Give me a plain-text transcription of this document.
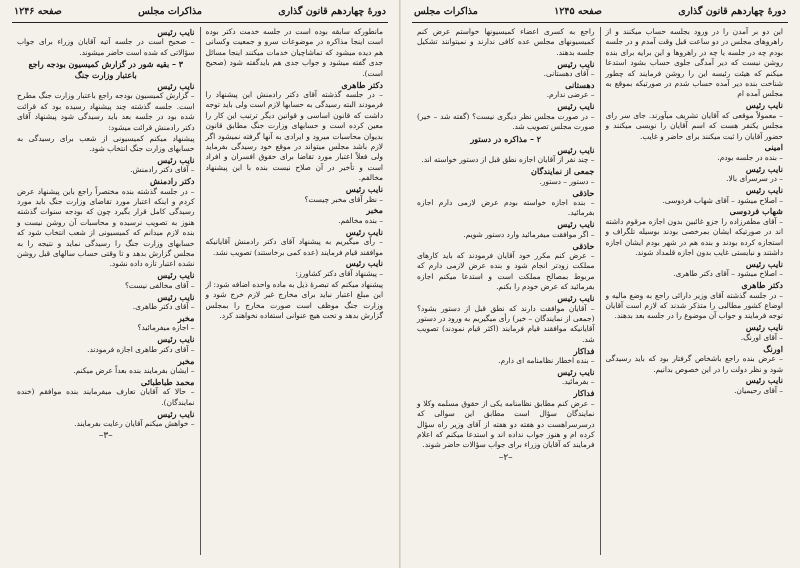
دورهٔ چهاردهم قانون گذاری
مذاکرات مجلس
صفحه ۱۲۴۶

مانطورکه سابقه بوده است در جلسه خدمت دکتر بوده است اینجا مذاکره در موضوعات سرو و جمعیت وکسانی هم دیده میشود که تماشاچیان خدمات میکنند اینجا مسائل جدی گفته میشود و جواب جدی هم بایدگفته شود (صحیح است).

دکتر طاهری

– در جلسه گذشته آقای دکتر رادمنش این پیشنهاد را فرمودند البته رسیدگی به حسابها لازم است ولی باید توجه داشت که قانون اساسی و قوانین دیگر ترتیب این کار را معین کرده است و حسابهای وزارت جنگ مطابق قانون بدیوان محاسبات میرود و ایرادی به آنها گرفته نمیشود اگر لازم باشد مجلس میتواند در موقع خود رسیدگی بفرماید ولی فعلاً اعتبار مورد تقاضا برای حقوق افسران و افراد است و تأخیر در آن صلاح نیست بنده با این پیشنهاد مخالفم.

نایب رئیس

– نظر آقای مخبر چیست؟

مخبر

– بنده مخالفم.

نایب رئیس

– رأی میگیریم به پیشنهاد آقای دکتر رادمنش آقایانیکه موافقند قیام فرمایند (عده کمی برخاستند) تصویب نشد.

نایب رئیس

– پیشنهاد آقای دکتر کشاورز:

پیشنهاد میکنم که تبصرهٔ ذیل به ماده واحده اضافه شود: از این مبلغ اعتبار نباید برای مخارج غیر لازم خرج شود و وزارت جنگ موظف است صورت مخارج را بمجلس گزارش بدهد و تحت هیچ عنوانی استفاده نخواهند کرد.

نایب رئیس

– صحیح است در جلسه آتیه آقایان وزراء برای جواب سؤالاتی که شده است حاضر میشوند.

۳ – بقیه شور در گزارش کمیسیون بودجه راجع باعتبار وزارت جنگ
نایب رئیس

– گزارش کمیسیون بودجه راجع باعتبار وزارت جنگ مطرح است. جلسه گذشته چند پیشنهاد رسیده بود که قرائت شده بود در جلسه بعد باید رسیدگی شود پیشنهاد آقای دکتر رادمنش قرائت میشود:

پیشنهاد میکنم کمیسیونی از شعب برای رسیدگی به حسابهای وزارت جنگ انتخاب شود.

نایب رئیس

– آقای دکتر رادمنش.

دکتر رادمنش

– در جلسه گذشته بنده مختصراً راجع باین پیشنهاد عرض کردم و اینکه اعتبار مورد تقاضای وزارت جنگ باید مورد رسیدگی کامل قرار بگیرد چون که بودجه سنوات گذشته هنوز به تصویب نرسیده و محاسبات آن روشن نیست و بنده لازم میدانم که کمیسیونی از شعب انتخاب شود که حسابهای وزارت جنگ را رسیدگی نماید و نتیجه را به مجلس گزارش بدهد و تا وقتی حساب سالهای قبل روشن نشده اعتبار تازه داده نشود.

نایب رئیس

– آقای مخالفی نیست؟

نایب رئیس

– آقای دکتر طاهری.

مخبر

– اجازه میفرمائید؟

نایب رئیس

– آقای دکتر طاهری اجازه فرمودند.

مخبر

– ایشان بفرمایند بنده بعداً عرض میکنم.

محمد طباطبائی

– حالا که آقایان تعارف میفرمایند بنده موافقم (خنده نمایندگان).

نایب رئیس

– خواهش میکنم آقایان رعایت بفرمایند.

–۳–
دورهٔ چهاردهم قانون گذاری
صفحه ۱۲۴۵
مذاکرات مجلس

این دو بر آمدن را در ورود بجلسه حساب میکنند و از راهروهای مجلس در دو ساعت قبل وقت آمدم و در جلسه بودم چه در جلسه یا چه در راهروها و این برایه برای بنده روشن نیست که دیر آمدگی جلوی حساب بشود استدعا میکنم که هیئت رئیسه این را روشن فرمایند که چطور شناخت بنده دیر آمده حساب شدم در صورتیکه بموقع به مجلس آمده ام

نایب رئیس

– معمولاً موقعی که آقایان تشریف میآورند. جای سر رای مجلس یکنفر هست که اسم آقایان را نویسی میکنند و حضور آقایان را ثبت میکنند برای حاضر و غایب.

امینی

– بنده در جلسه بودم.

نایب رئیس

– در سرسرای بالا.

نایب رئیس

– اصلاح میشود – آقای شهاب فردوسی.

شهاب فردوسی

– آقای مظفرزاده را جزو غائبین بدون اجازه مرقوم داشته اند در صورتیکه ایشان بمرخصی بودند بوسیله تلگراف و استجازه کرده بودند و بنده هم در شهر بودم ایشان اجازه داشتند و نبایستی غایب بدون اجازه قلمداد شوند.

نایب رئیس

– اصلاح میشود – آقای دکتر طاهری.

دکتر طاهری

– در جلسه گذشته آقای وزیر دارائی راجع به وضع مالیه و اوضاع کشور مطالبی را متذکر شدند که لازم است آقایان توجه فرمایند و جواب آن موضوع را در جلسه بعد بدهند.

نایب رئیس

– آقای اورنگ.

اورنگ

– عرض بنده راجع باشخاص گرفتار بود که باید رسیدگی شود و نظر دولت را در این خصوص بدانیم.

نایب رئیس

– آقای رحیمیان.

راجع به کسری اعضاء کمیسیونها خواستم عرض کنم کمیسیونهای مجلس عده کافی ندارند و نمیتوانند تشکیل جلسه بدهند.

نایب رئیس

– آقای دهستانی.

دهستانی

– عرضی ندارم.

نایب رئیس

– در صورت مجلس نظر دیگری نیست؟ (گفته شد – خیر) صورت مجلس تصویب شد.

۲ – مذاکره در دستور
نایب رئیس

– چند نفر از آقایان اجازه نطق قبل از دستور خواسته اند.

جمعی از نمایندگان

– دستور – دستور.

حاذقی

– بنده اجازه خواسته بودم عرض لازمی دارم اجازه بفرمائید.

نایب رئیس

– اگر موافقت میفرمائید وارد دستور شویم.

حاذقی

– عرض کنم مکرر خود آقایان فرمودند که باید کارهای مملکت زودتر انجام شود و بنده عرض لازمی دارم که مربوط بمصالح مملکت است و استدعا میکنم اجازه بفرمائید که عرض خودم را بکنم.

نایب رئیس

– آقایان موافقت دارند که نطق قبل از دستور بشود؟ (جمعی از نمایندگان – خیر) رأی میگیریم به ورود در دستور آقایانیکه موافقند قیام فرمایند (اکثر قیام نمودند) تصویب شد.

فداکار

– بنده اخطار نظامنامه ای دارم.

نایب رئیس

– بفرمائید.

فداکار

– عرض کنم مطابق نظامنامه یکی از حقوق مسلمه وکلا و نمایندگان سؤال است مطابق این سوالی که درسرسراهست دو هفته دو هفته از آقای وزیر راه سؤال کرده ام و هنوز جواب نداده اند و استدعا میکنم که اعلام فرمایند که آقایان وزراء برای جواب سؤالات حاضر شوند.

–۲–
